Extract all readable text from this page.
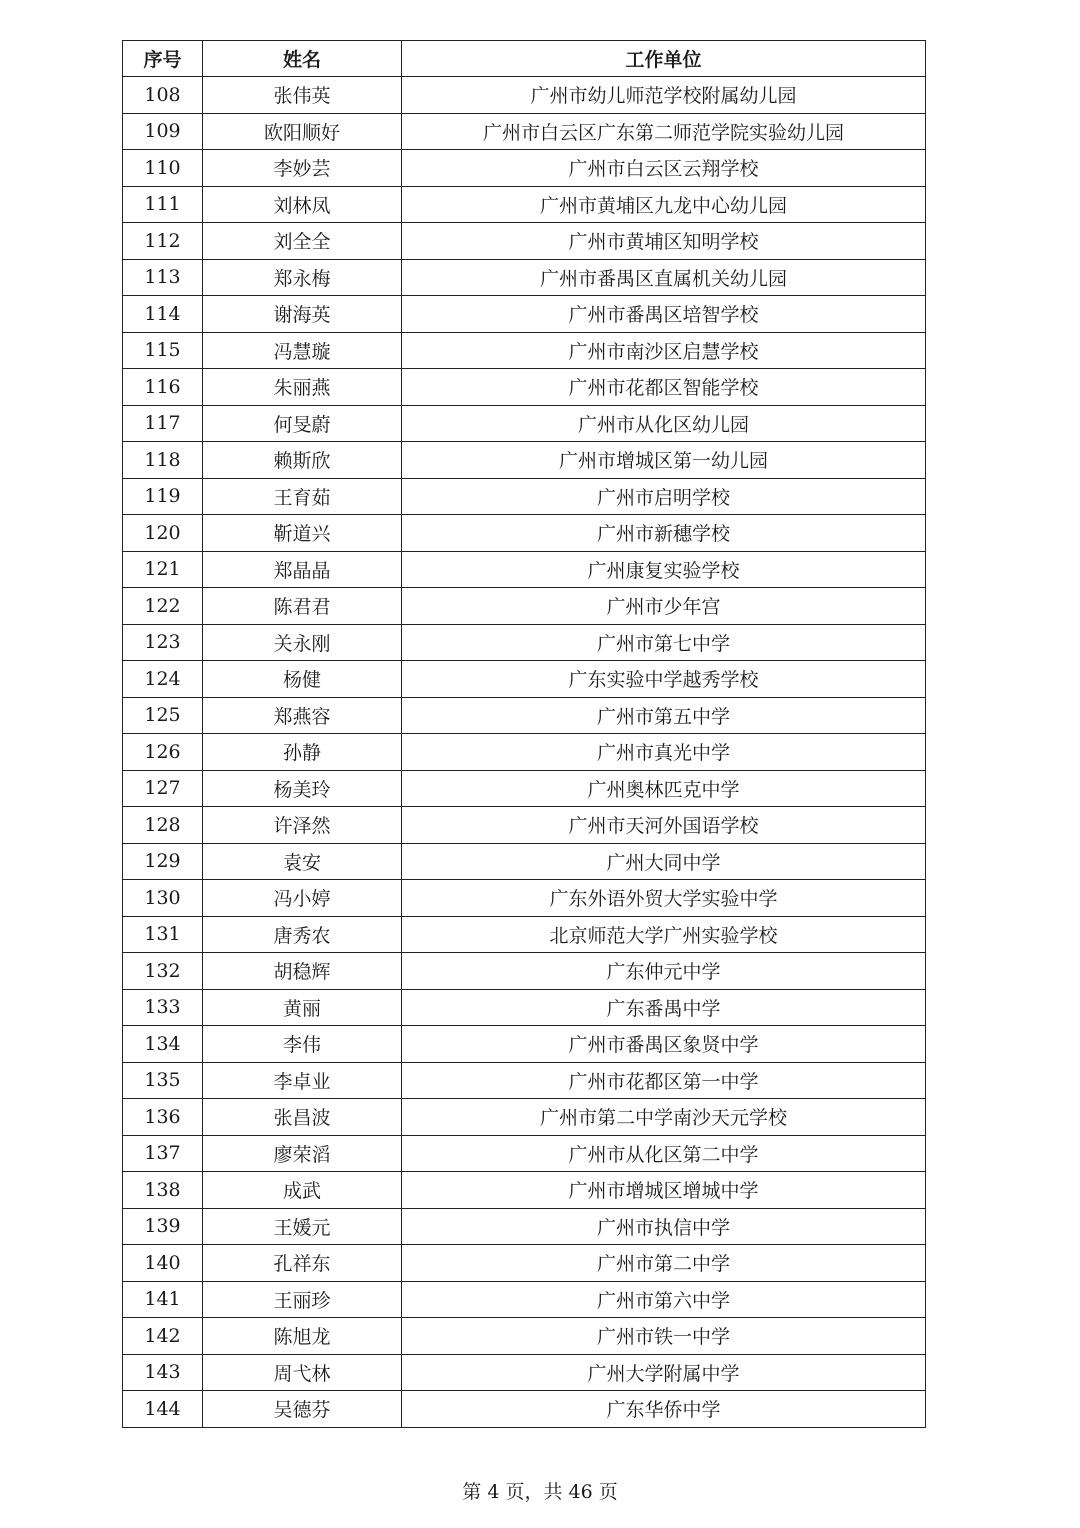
序号	姓名	工作单位
108	张伟英	广州市幼儿师范学校附属幼儿园
109	欧阳顺好	广州市白云区广东第二师范学院实验幼儿园
110	李妙芸	广州市白云区云翔学校
111	刘林凤	广州市黄埔区九龙中心幼儿园
112	刘全全	广州市黄埔区知明学校
113	郑永梅	广州市番禺区直属机关幼儿园
114	谢海英	广州市番禺区培智学校
115	冯慧璇	广州市南沙区启慧学校
116	朱丽燕	广州市花都区智能学校
117	何旻蔚	广州市从化区幼儿园
118	赖斯欣	广州市增城区第一幼儿园
119	王育茹	广州市启明学校
120	靳道兴	广州市新穗学校
121	郑晶晶	广州康复实验学校
122	陈君君	广州市少年宫
123	关永刚	广州市第七中学
124	杨健	广东实验中学越秀学校
125	郑燕容	广州市第五中学
126	孙静	广州市真光中学
127	杨美玲	广州奥林匹克中学
128	许泽然	广州市天河外国语学校
129	袁安	广州大同中学
130	冯小婷	广东外语外贸大学实验中学
131	唐秀农	北京师范大学广州实验学校
132	胡稳辉	广东仲元中学
133	黄丽	广东番禺中学
134	李伟	广州市番禺区象贤中学
135	李卓业	广州市花都区第一中学
136	张昌波	广州市第二中学南沙天元学校
137	廖荣滔	广州市从化区第二中学
138	成武	广州市增城区增城中学
139	王媛元	广州市执信中学
140	孔祥东	广州市第二中学
141	王丽珍	广州市第六中学
142	陈旭龙	广州市铁一中学
143	周弋林	广州大学附属中学
144	吴德芬	广东华侨中学
第 4 页，共 46 页
